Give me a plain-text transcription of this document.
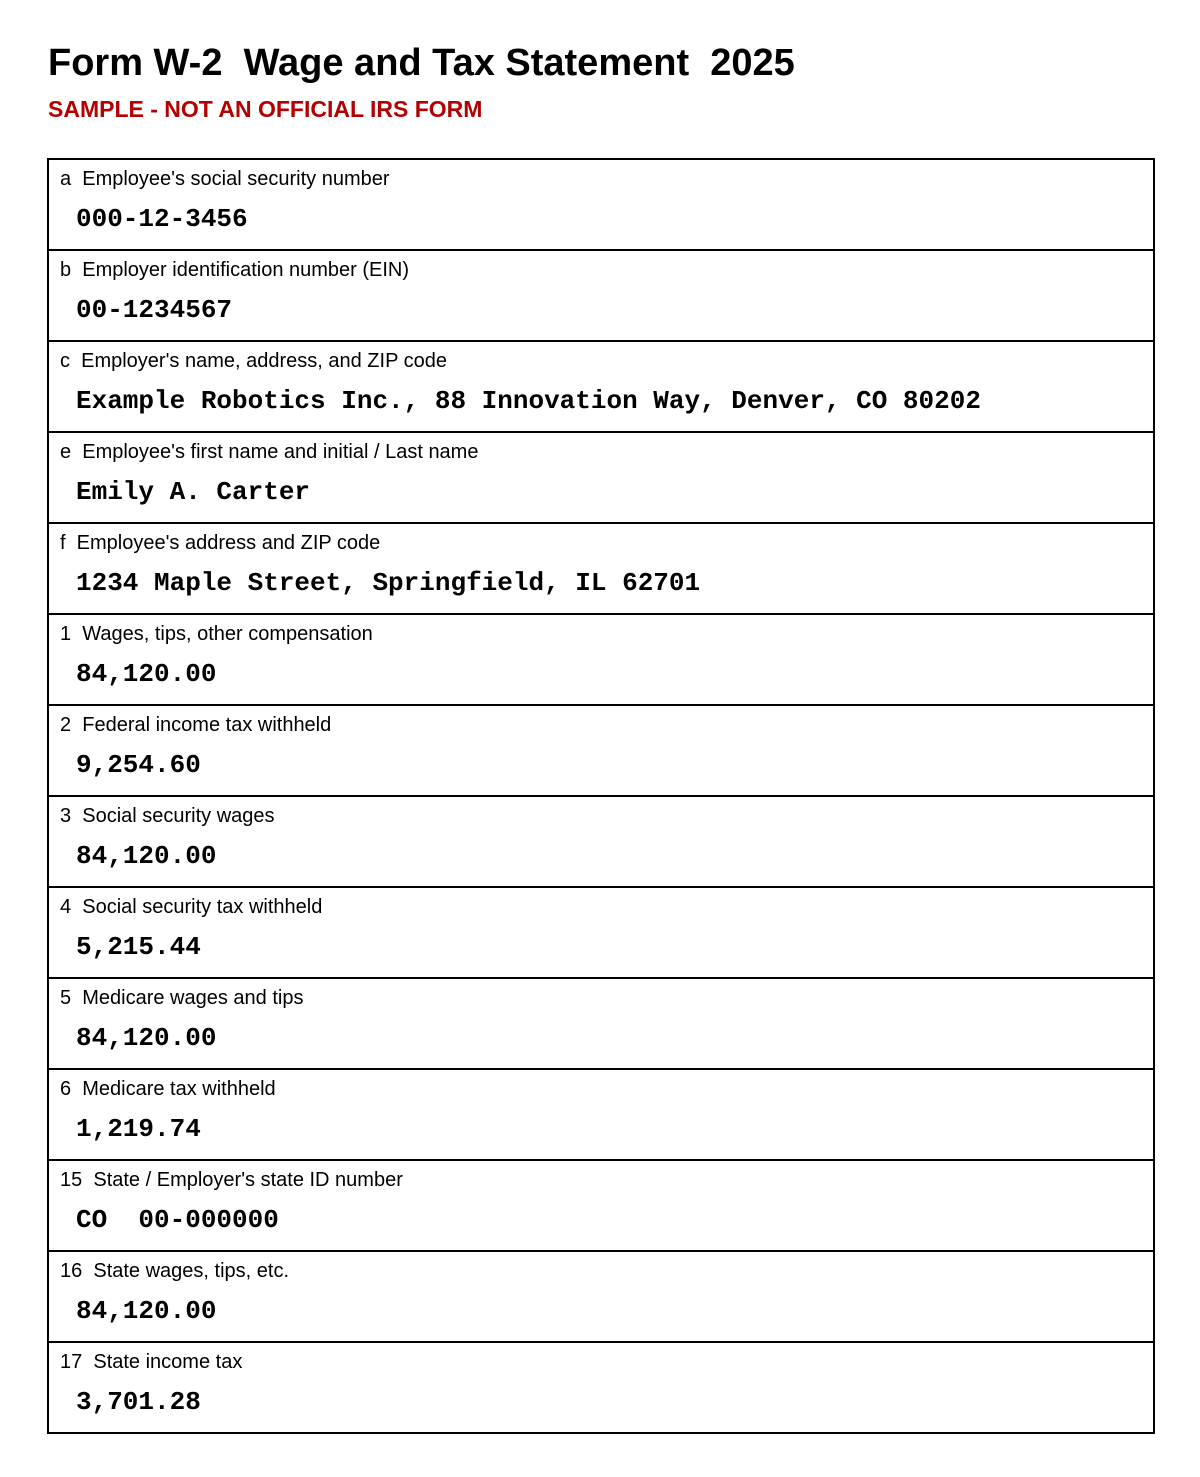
Form W-2  Wage and Tax Statement  2025
SAMPLE - NOT AN OFFICIAL IRS FORM
a  Employee's social security number
000-12-3456
b  Employer identification number (EIN)
00-1234567
c  Employer's name, address, and ZIP code
Example Robotics Inc., 88 Innovation Way, Denver, CO 80202
e  Employee's first name and initial / Last name
Emily A. Carter
f  Employee's address and ZIP code
1234 Maple Street, Springfield, IL 62701
1  Wages, tips, other compensation
84,120.00
2  Federal income tax withheld
9,254.60
3  Social security wages
84,120.00
4  Social security tax withheld
5,215.44
5  Medicare wages and tips
84,120.00
6  Medicare tax withheld
1,219.74
15  State / Employer's state ID number
CO  00-000000
16  State wages, tips, etc.
84,120.00
17  State income tax
3,701.28
